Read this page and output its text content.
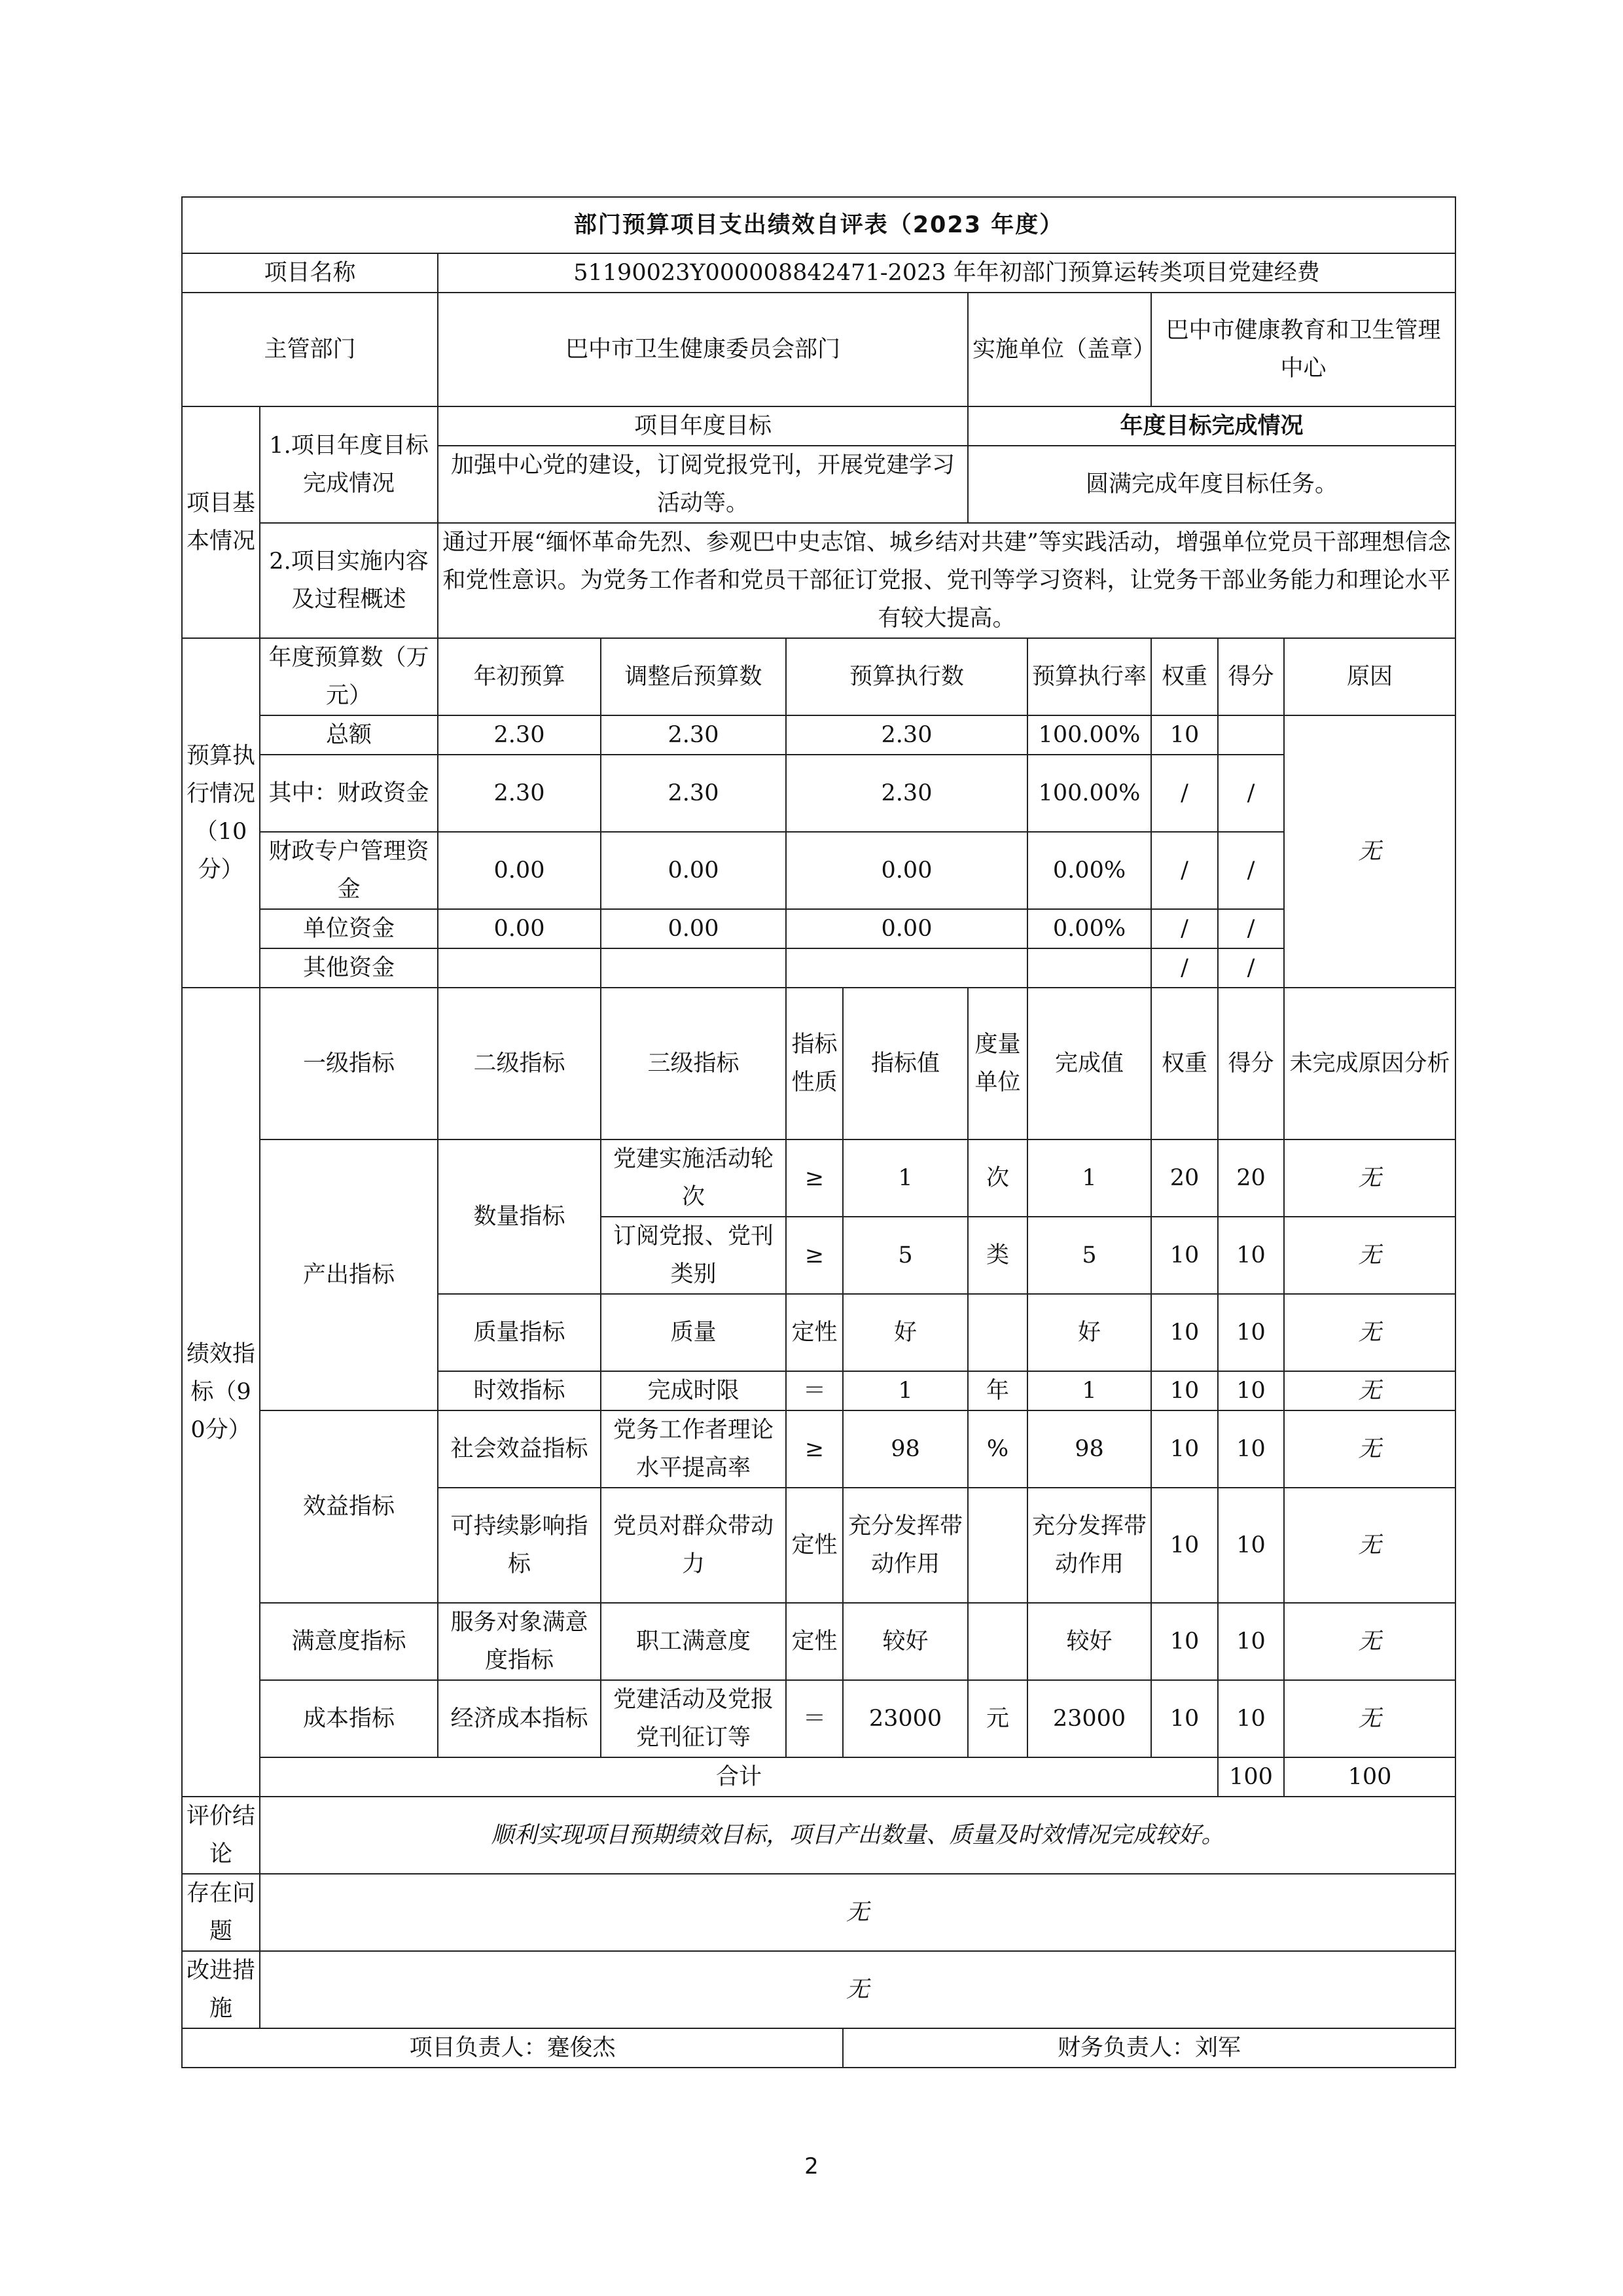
部门预算项目支出绩效自评表（2023 年度）											
项目名称		51190023Y000008842471-2023 年年初部门预算运转类项目党建经费									
主管部门		巴中市卫生健康委员会部门				实施单位（盖章）		巴中市健康教育和卫生管理中心			
项目基本情况	1.项目年度目标完成情况	项目年度目标				年度目标完成情况					
		加强中心党的建设，订阅党报党刊，开展党建学习活动等。				圆满完成年度目标任务。					
	2.项目实施内容及过程概述	通过开展“缅怀革命先烈、参观巴中史志馆、城乡结对共建”等实践活动，增强单位党员干部理想信念和党性意识。为党务工作者和党员干部征订党报、党刊等学习资料，让党务干部业务能力和理论水平有较大提高。									

预算执行情况（10分）	年度预算数（万元）	年初预算	调整后预算数	预算执行数			预算执行率	权重	得分	原因	
	总额	2.30	2.30	2.30			100.00%	10		无	
	其中：财政资金	2.30	2.30	2.30			100.00%	/	/		
	财政专户管理资金	0.00	0.00	0.00			0.00%	/	/		
	单位资金	0.00	0.00	0.00			0.00%	/	/		
	其他资金							/	/		
绩效指标（90分）	一级指标	二级指标	三级指标	指标性质	指标值	度量单位	完成值	权重	得分	未完成原因分析	
	产出指标	数量指标	党建实施活动轮次	≥	1	次	1	20	20	无	
			订阅党报、党刊类别	≥	5	类	5	10	10	无	
		质量指标	质量	定性	好		好	10	10	无	
		时效指标	完成时限	＝	1	年	1	10	10	无	
	效益指标	社会效益指标	党务工作者理论水平提高率	≥	98	%	98	10	10	无	
		可持续影响指标	党员对群众带动力	定性	充分发挥带动作用		充分发挥带动作用	10	10	无	
	满意度指标	服务对象满意度指标	职工满意度	定性	较好		较好	10	10	无	
	成本指标	经济成本指标	党建活动及党报党刊征订等	＝	23000	元	23000	10	10	无	
	合计								100	100	
评价结论	顺利实现项目预期绩效目标，项目产出数量、质量及时效情况完成较好。										
存在问题	无										
改进措施	无										
项目负责人：蹇俊杰					财务负责人：刘军						
2
